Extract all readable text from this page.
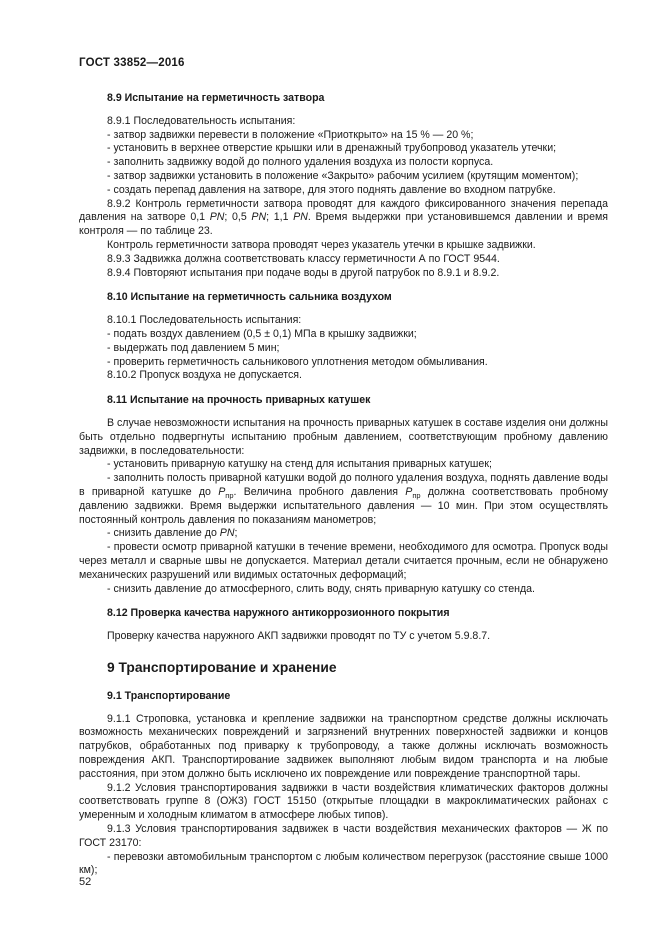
ГОСТ 33852—2016

8.9 Испытание на герметичность затвора

8.9.1 Последовательность испытания:

- затвор задвижки перевести в положение «Приоткрыто» на 15 % — 20 %;

- установить в верхнее отверстие крышки или в дренажный трубопровод указатель утечки;

- заполнить задвижку водой до полного удаления воздуха из полости корпуса.

- затвор задвижки установить в положение «Закрыто» рабочим усилием (крутящим моментом);

- создать перепад давления на затворе, для этого поднять давление во входном патрубке.

8.9.2 Контроль герметичности затвора проводят для каждого фиксированного значения перепада давления на затворе 0,1 PN; 0,5 PN; 1,1 PN. Время выдержки при установившемся давлении и время контроля — по таблице 23.

Контроль герметичности затвора проводят через указатель утечки в крышке задвижки.

8.9.3 Задвижка должна соответствовать классу герметичности А по ГОСТ 9544.

8.9.4 Повторяют испытания при подаче воды в другой патрубок по 8.9.1 и 8.9.2.

8.10 Испытание на герметичность сальника воздухом

8.10.1 Последовательность испытания:

- подать воздух давлением (0,5 ± 0,1) МПа в крышку задвижки;

- выдержать под давлением 5 мин;

- проверить герметичность сальникового уплотнения методом обмыливания.

8.10.2 Пропуск воздуха не допускается.

8.11 Испытание на прочность приварных катушек

В случае невозможности испытания на прочность приварных катушек в составе изделия они должны быть отдельно подвергнуты испытанию пробным давлением, соответствующим пробному давлению задвижки, в последовательности:

- установить приварную катушку на стенд для испытания приварных катушек;

- заполнить полость приварной катушки водой до полного удаления воздуха, поднять давление воды в приварной катушке до $P_{пр}$. Величина пробного давления $P_{пр}$ должна соответствовать пробному давлению задвижки. Время выдержки испытательного давления — 10 мин. При этом осуществлять постоянный контроль давления по показаниям манометров;

- снизить давление до PN;

- провести осмотр приварной катушки в течение времени, необходимого для осмотра. Пропуск воды через металл и сварные швы не допускается. Материал детали считается прочным, если не обнаружено механических разрушений или видимых остаточных деформаций;

- снизить давление до атмосферного, слить воду, снять приварную катушку со стенда.

8.12 Проверка качества наружного антикоррозионного покрытия

Проверку качества наружного АКП задвижки проводят по ТУ с учетом 5.9.8.7.

9 Транспортирование и хранение

9.1 Транспортирование

9.1.1 Строповка, установка и крепление задвижки на транспортном средстве должны исключать возможность механических повреждений и загрязнений внутренних поверхностей задвижки и концов патрубков, обработанных под приварку к трубопроводу, а также должны исключать возможность повреждения АКП. Транспортирование задвижек выполняют любым видом транспорта и на любые расстояния, при этом должно быть исключено их повреждение или повреждение транспортной тары.

9.1.2 Условия транспортирования задвижки в части воздействия климатических факторов должны соответствовать группе 8 (ОЖ3) ГОСТ 15150 (открытые площадки в макроклиматических районах с умеренным и холодным климатом в атмосфере любых типов).

9.1.3 Условия транспортирования задвижек в части воздействия механических факторов — Ж по ГОСТ 23170:

- перевозки автомобильным транспортом с любым количеством перегрузок (расстояние свыше 1000 км);

52
